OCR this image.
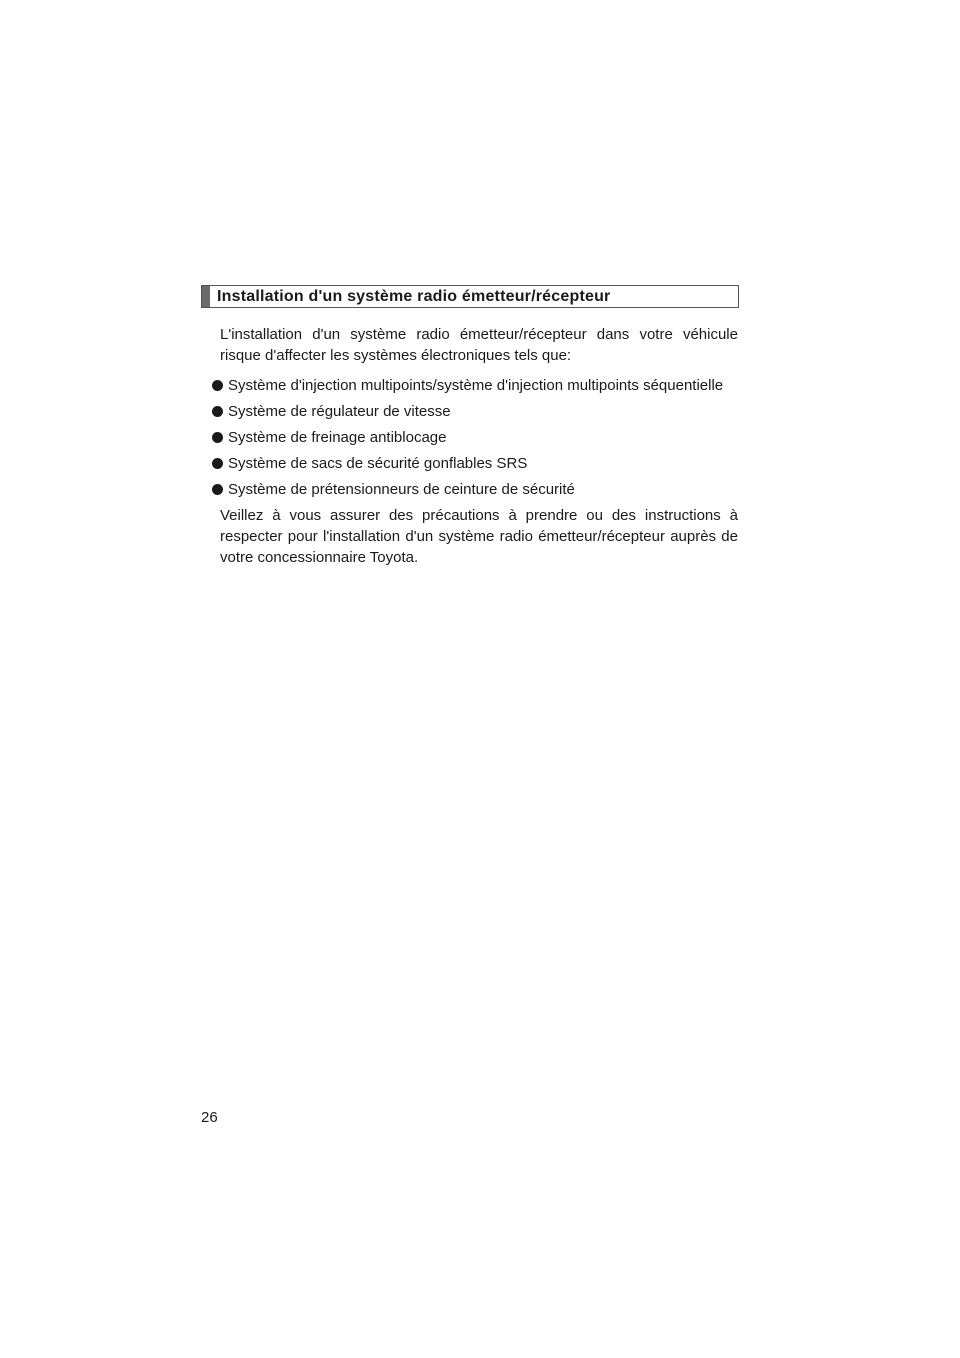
Installation d'un système radio émetteur/récepteur

L'installation d'un système radio émetteur/récepteur dans votre véhicule risque d'affecter les systèmes électroniques tels que:

Système d'injection multipoints/système d'injection multipoints séquentielle
Système de régulateur de vitesse
Système de freinage antiblocage
Système de sacs de sécurité gonflables SRS
Système de prétensionneurs de ceinture de sécurité

Veillez à vous assurer des précautions à prendre ou des instructions à respecter pour l'installation d'un système radio émetteur/récepteur auprès de votre concessionnaire Toyota.

26
